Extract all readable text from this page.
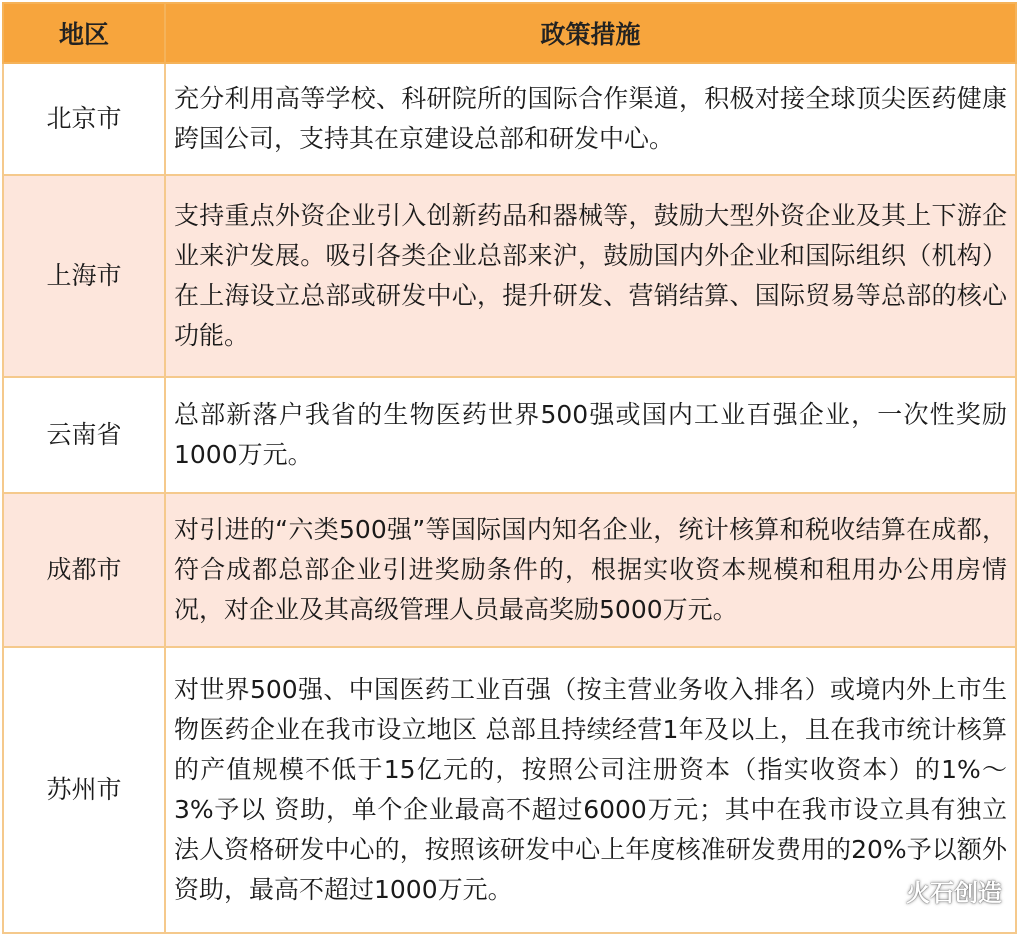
地区	政策措施
北京市	充分利用高等学校、科研院所的国际合作渠道，积极对接全球顶尖医药健康跨国公司，支持其在京建设总部和研发中心。
上海市	支持重点外资企业引入创新药品和器械等，鼓励大型外资企业及其上下游企业来沪发展。吸引各类企业总部来沪，鼓励国内外企业和国际组织（机构）在上海设立总部或研发中心，提升研发、营销结算、国际贸易等总部的核心功能。
云南省	总部新落户我省的生物医药世界500强或国内工业百强企业，一次性奖励1000万元。
成都市	对引进的“六类500强”等国际国内知名企业，统计核算和税收结算在成都，符合成都总部企业引进奖励条件的，根据实收资本规模和租用办公用房情况，对企业及其高级管理人员最高奖励5000万元。
苏州市	对世界500强、中国医药工业百强（按主营业务收入排名）或境内外上市生物医药企业在我市设立地区 总部且持续经营1年及以上，且在我市统计核算的产值规模不低于15亿元的，按照公司注册资本（指实收资本）的1%～3%予以 资助，单个企业最高不超过6000万元；其中在我市设立具有独立法人资格研发中心的，按照该研发中心上年度核准研发费用的20%予以额外资助，最高不超过1000万元。	火石创造
